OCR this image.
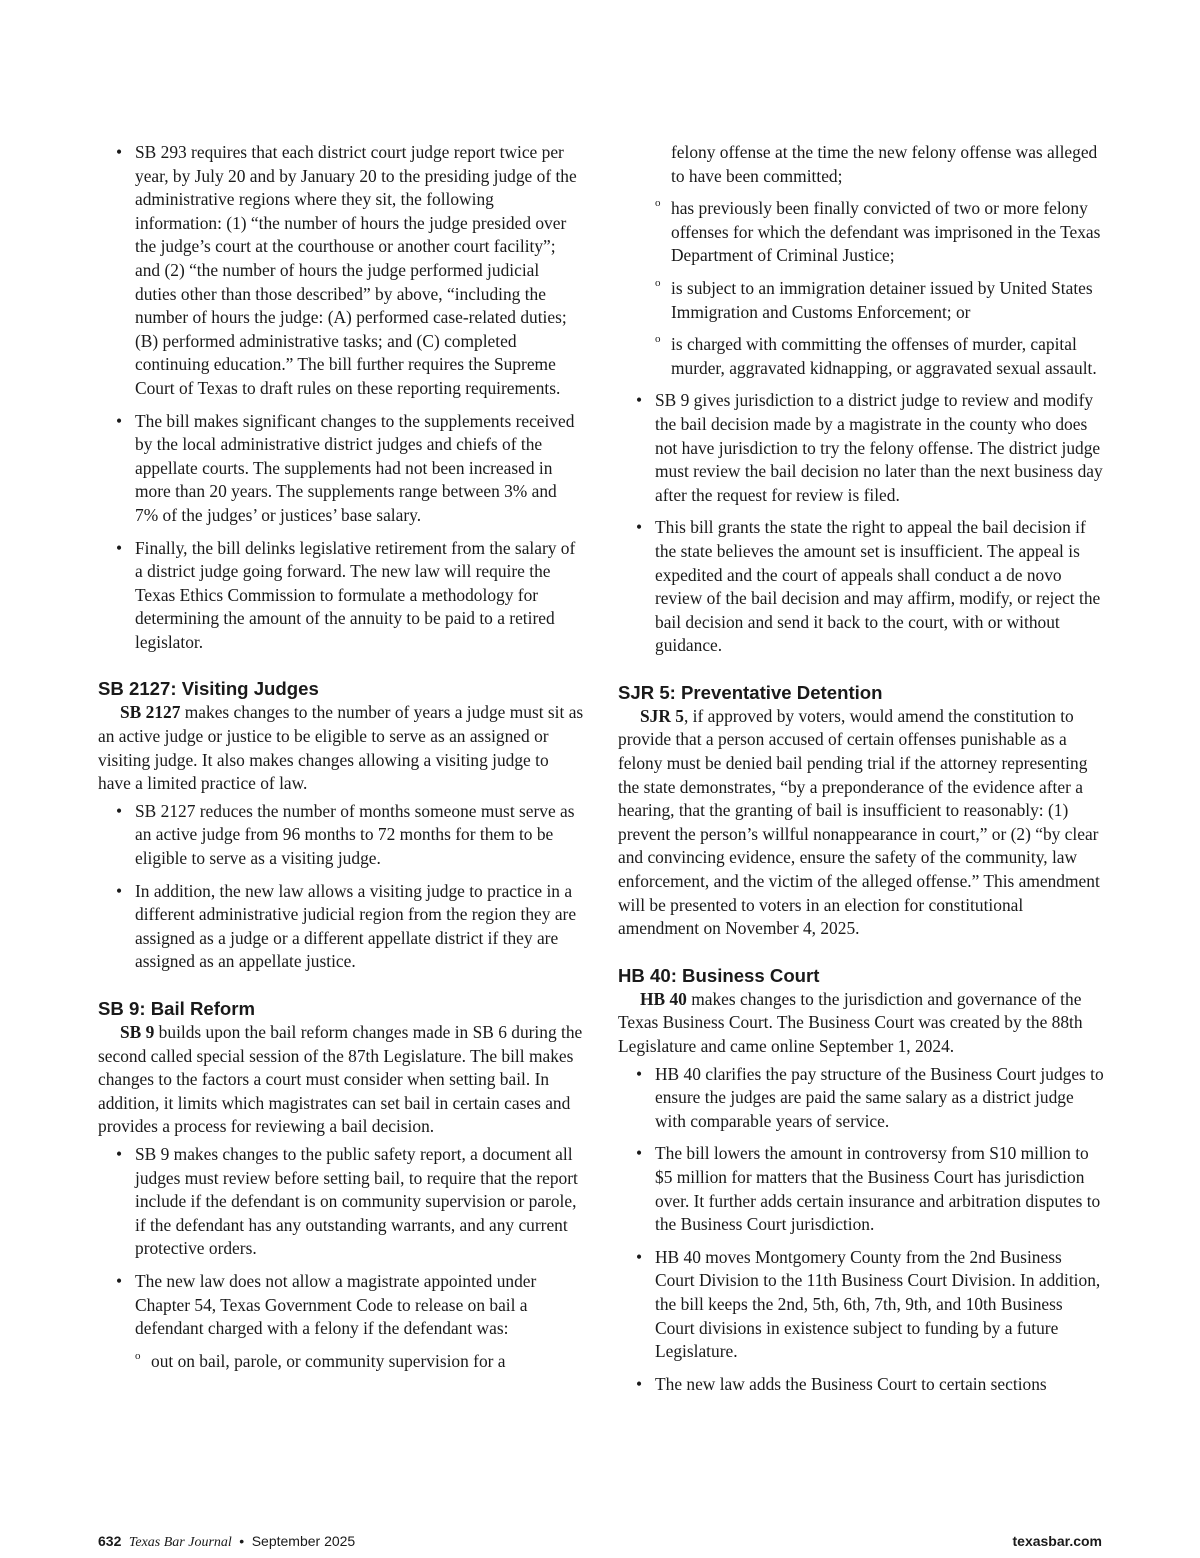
• SB 293 requires that each district court judge report twice per year, by July 20 and by January 20 to the presiding judge of the administrative regions where they sit, the following information: (1) “the number of hours the judge presided over the judge’s court at the courthouse or another court facility”; and (2) “the number of hours the judge performed judicial duties other than those described” by above, “including the number of hours the judge: (A) performed case-related duties; (B) performed administrative tasks; and (C) completed continuing education.” The bill further requires the Supreme Court of Texas to draft rules on these reporting requirements.
• The bill makes significant changes to the supplements received by the local administrative district judges and chiefs of the appellate courts. The supplements had not been increased in more than 20 years. The supplements range between 3% and 7% of the judges’ or justices’ base salary.
• Finally, the bill delinks legislative retirement from the salary of a district judge going forward. The new law will require the Texas Ethics Commission to formulate a methodology for determining the amount of the annuity to be paid to a retired legislator.
SB 2127: Visiting Judges

SB 2127 makes changes to the number of years a judge must sit as an active judge or justice to be eligible to serve as an assigned or visiting judge. It also makes changes allowing a visiting judge to have a limited practice of law.

• SB 2127 reduces the number of months someone must serve as an active judge from 96 months to 72 months for them to be eligible to serve as a visiting judge.
• In addition, the new law allows a visiting judge to practice in a different administrative judicial region from the region they are assigned as a judge or a different appellate district if they are assigned as an appellate justice.
SB 9: Bail Reform

SB 9 builds upon the bail reform changes made in SB 6 during the second called special session of the 87th Legislature. The bill makes changes to the factors a court must consider when setting bail. In addition, it limits which magistrates can set bail in certain cases and provides a process for reviewing a bail decision.

• SB 9 makes changes to the public safety report, a document all judges must review before setting bail, to require that the report include if the defendant is on community supervision or parole, if the defendant has any outstanding warrants, and any current protective orders.
• The new law does not allow a magistrate appointed under Chapter 54, Texas Government Code to release on bail a defendant charged with a felony if the defendant was:
o out on bail, parole, or community supervision for a
felony offense at the time the new felony offense was alleged to have been committed;
o has previously been finally convicted of two or more felony offenses for which the defendant was imprisoned in the Texas Department of Criminal Justice;
o is subject to an immigration detainer issued by United States Immigration and Customs Enforcement; or
o is charged with committing the offenses of murder, capital murder, aggravated kidnapping, or aggravated sexual assault.
• SB 9 gives jurisdiction to a district judge to review and modify the bail decision made by a magistrate in the county who does not have jurisdiction to try the felony offense. The district judge must review the bail decision no later than the next business day after the request for review is filed.
• This bill grants the state the right to appeal the bail decision if the state believes the amount set is insufficient. The appeal is expedited and the court of appeals shall conduct a de novo review of the bail decision and may affirm, modify, or reject the bail decision and send it back to the court, with or without guidance.
SJR 5: Preventative Detention

SJR 5, if approved by voters, would amend the constitution to provide that a person accused of certain offenses punishable as a felony must be denied bail pending trial if the attorney representing the state demonstrates, “by a preponderance of the evidence after a hearing, that the granting of bail is insufficient to reasonably: (1) prevent the person’s willful nonappearance in court,” or (2) “by clear and convincing evidence, ensure the safety of the community, law enforcement, and the victim of the alleged offense.” This amendment will be presented to voters in an election for constitutional amendment on November 4, 2025.

HB 40: Business Court

HB 40 makes changes to the jurisdiction and governance of the Texas Business Court. The Business Court was created by the 88th Legislature and came online September 1, 2024.

• HB 40 clarifies the pay structure of the Business Court judges to ensure the judges are paid the same salary as a district judge with comparable years of service.
• The bill lowers the amount in controversy from S10 million to $5 million for matters that the Business Court has jurisdiction over. It further adds certain insurance and arbitration disputes to the Business Court jurisdiction.
• HB 40 moves Montgomery County from the 2nd Business Court Division to the 11th Business Court Division. In addition, the bill keeps the 2nd, 5th, 6th, 7th, 9th, and 10th Business Court divisions in existence subject to funding by a future Legislature.
• The new law adds the Business Court to certain sections
632 Texas Bar Journal • September 2025	texasbar.com
